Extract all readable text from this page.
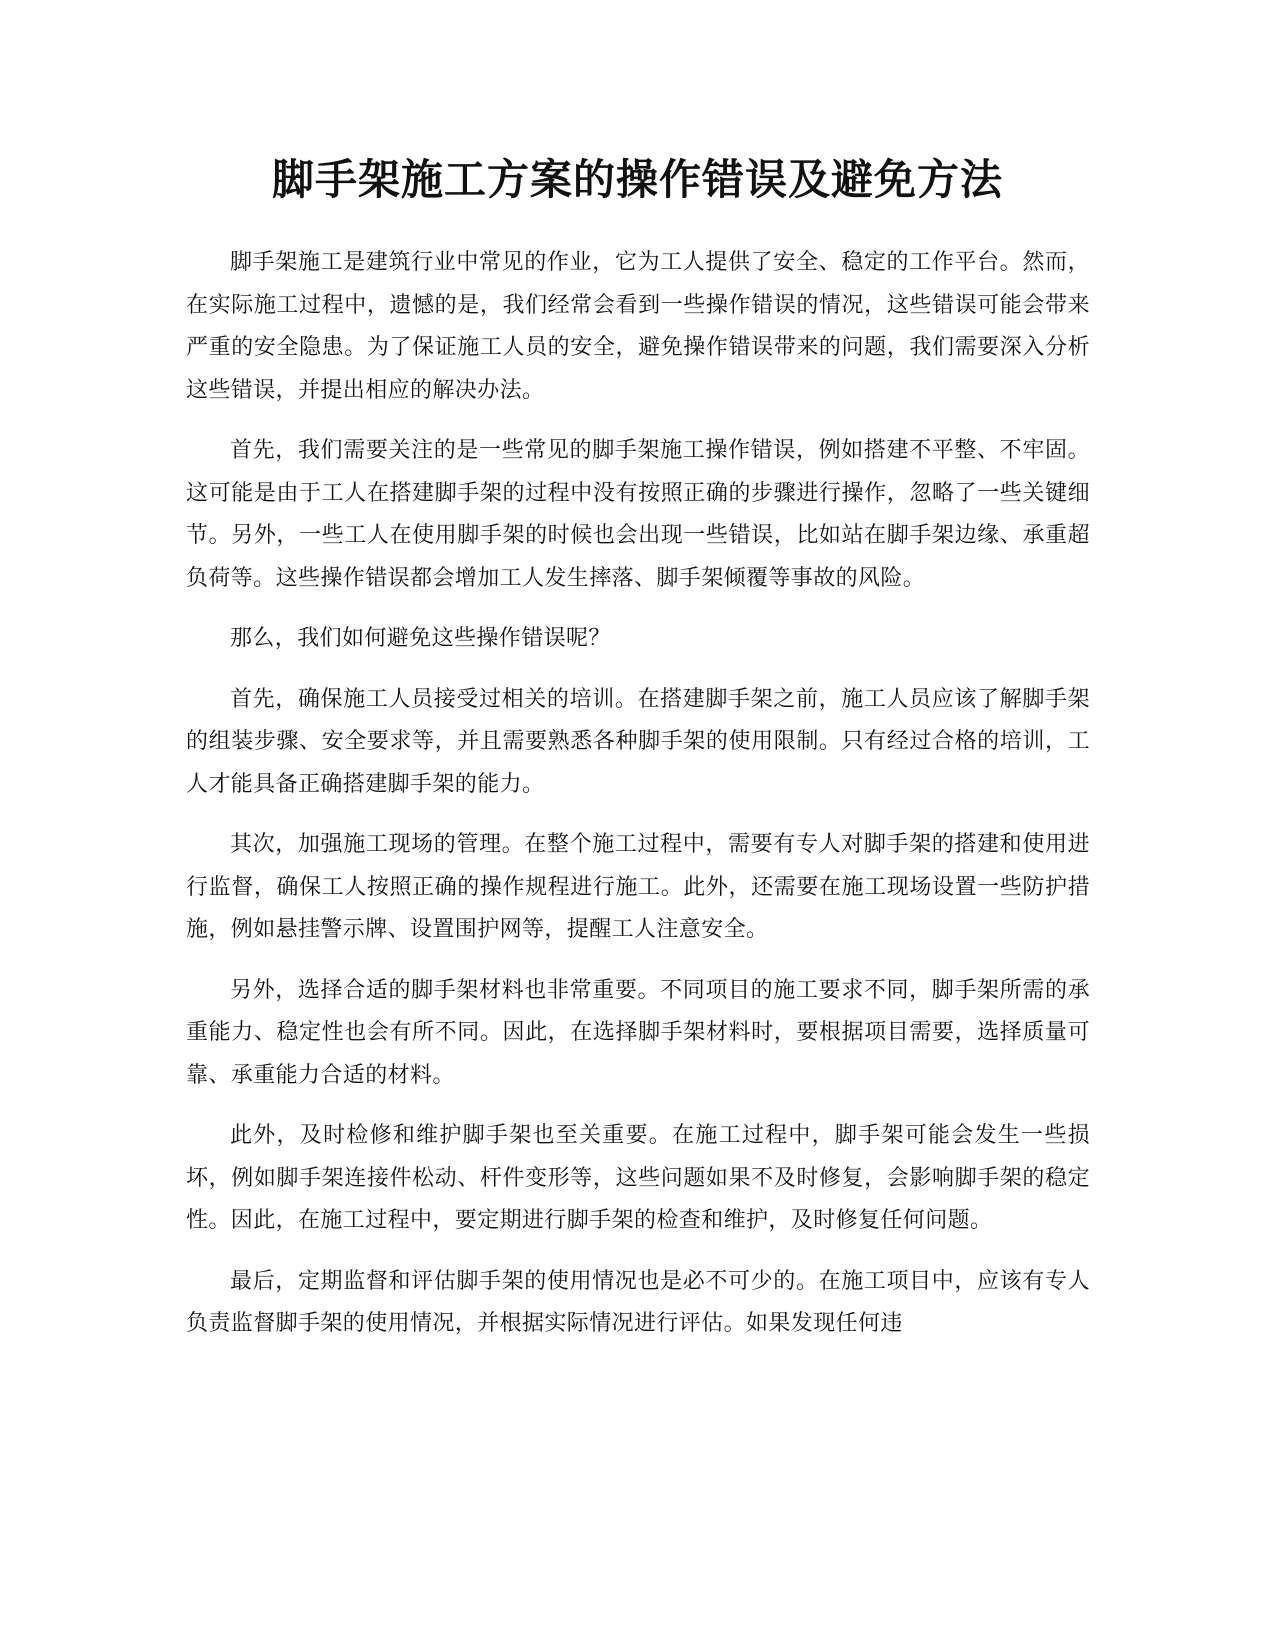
脚手架施工方案的操作错误及避免方法

脚手架施工是建筑行业中常见的作业，它为工人提供了安全、稳定的工作平台。然而，在实际施工过程中，遗憾的是，我们经常会看到一些操作错误的情况，这些错误可能会带来严重的安全隐患。为了保证施工人员的安全，避免操作错误带来的问题，我们需要深入分析这些错误，并提出相应的解决办法。

首先，我们需要关注的是一些常见的脚手架施工操作错误，例如搭建不平整、不牢固。这可能是由于工人在搭建脚手架的过程中没有按照正确的步骤进行操作，忽略了一些关键细节。另外，一些工人在使用脚手架的时候也会出现一些错误，比如站在脚手架边缘、承重超负荷等。这些操作错误都会增加工人发生摔落、脚手架倾覆等事故的风险。

那么，我们如何避免这些操作错误呢？

首先，确保施工人员接受过相关的培训。在搭建脚手架之前，施工人员应该了解脚手架的组装步骤、安全要求等，并且需要熟悉各种脚手架的使用限制。只有经过合格的培训，工人才能具备正确搭建脚手架的能力。

其次，加强施工现场的管理。在整个施工过程中，需要有专人对脚手架的搭建和使用进行监督，确保工人按照正确的操作规程进行施工。此外，还需要在施工现场设置一些防护措施，例如悬挂警示牌、设置围护网等，提醒工人注意安全。

另外，选择合适的脚手架材料也非常重要。不同项目的施工要求不同，脚手架所需的承重能力、稳定性也会有所不同。因此，在选择脚手架材料时，要根据项目需要，选择质量可靠、承重能力合适的材料。

此外，及时检修和维护脚手架也至关重要。在施工过程中，脚手架可能会发生一些损坏，例如脚手架连接件松动、杆件变形等，这些问题如果不及时修复，会影响脚手架的稳定性。因此，在施工过程中，要定期进行脚手架的检查和维护，及时修复任何问题。

最后，定期监督和评估脚手架的使用情况也是必不可少的。在施工项目中，应该有专人负责监督脚手架的使用情况，并根据实际情况进行评估。如果发现任何违
